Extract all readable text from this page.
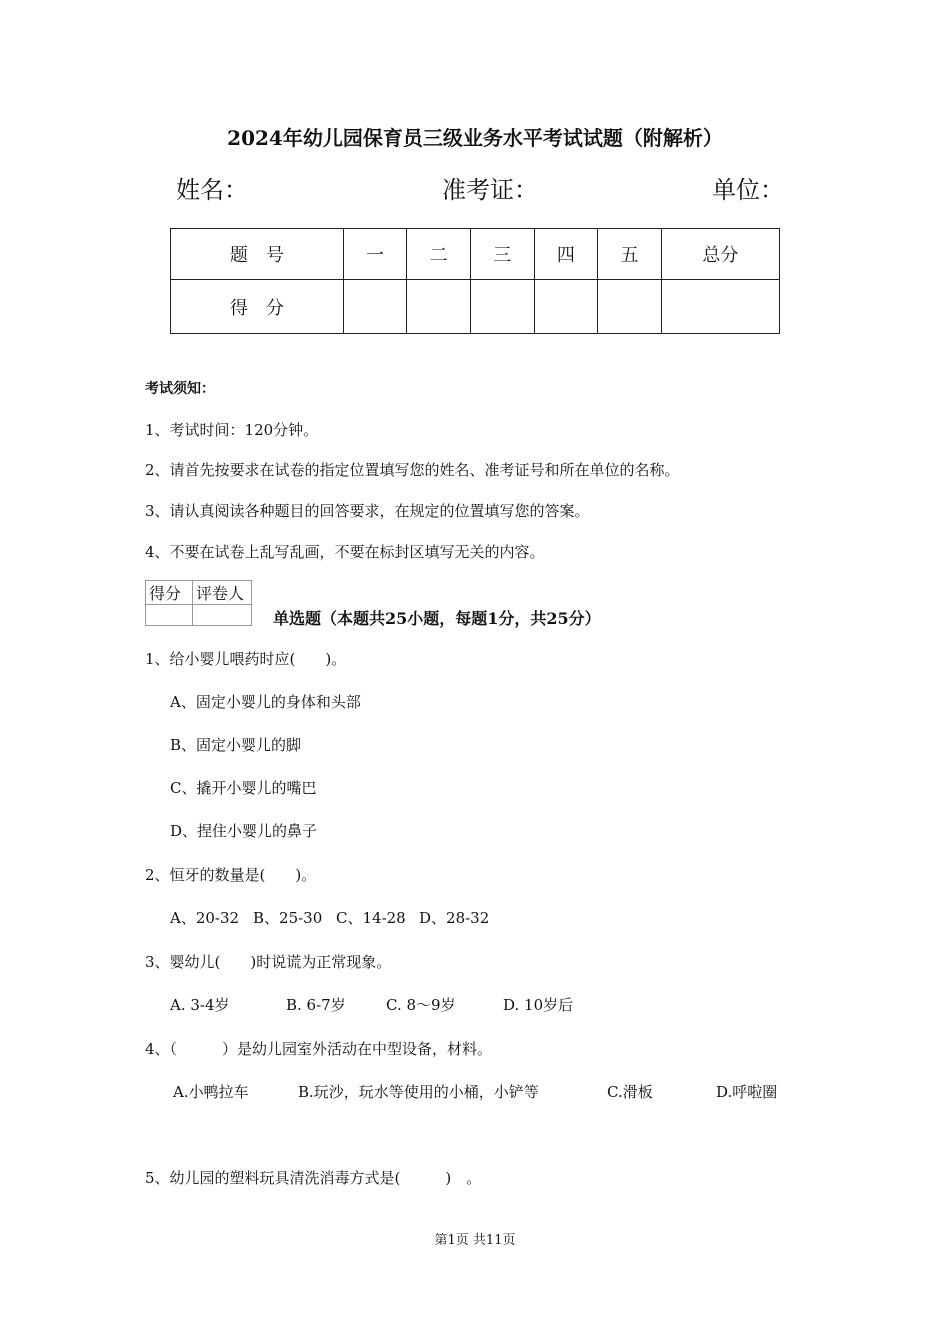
2024年幼儿园保育员三级业务水平考试试题（附解析）
姓名：	准考证：	单位：
题　号	一	二	三	四	五	总分
得　分						
考试须知：
1、考试时间：120分钟。
2、请首先按要求在试卷的指定位置填写您的姓名、准考证号和所在单位的名称。
3、请认真阅读各种题目的回答要求，在规定的位置填写您的答案。
4、不要在试卷上乱写乱画，不要在标封区填写无关的内容。
得分	评卷人

单选题（本题共25小题，每题1分，共25分）
1、给小婴儿喂药时应(　　)。
A、固定小婴儿的身体和头部
B、固定小婴儿的脚
C、撬开小婴儿的嘴巴
D、捏住小婴儿的鼻子
2、恒牙的数量是(　　)。
A、20-32 B、25-30 C、14-28 D、28-32
3、婴幼儿(　　)时说谎为正常现象。
A. 3-4岁	B. 6-7岁	C. 8～9岁	D. 10岁后
4、（　　　）是幼儿园室外活动在中型设备，材料。
A.小鸭拉车	B.玩沙，玩水等使用的小桶，小铲等	C.滑板	D.呼啦圈
5、幼儿园的塑料玩具清洗消毒方式是(　　　)　。
第1页 共11页
